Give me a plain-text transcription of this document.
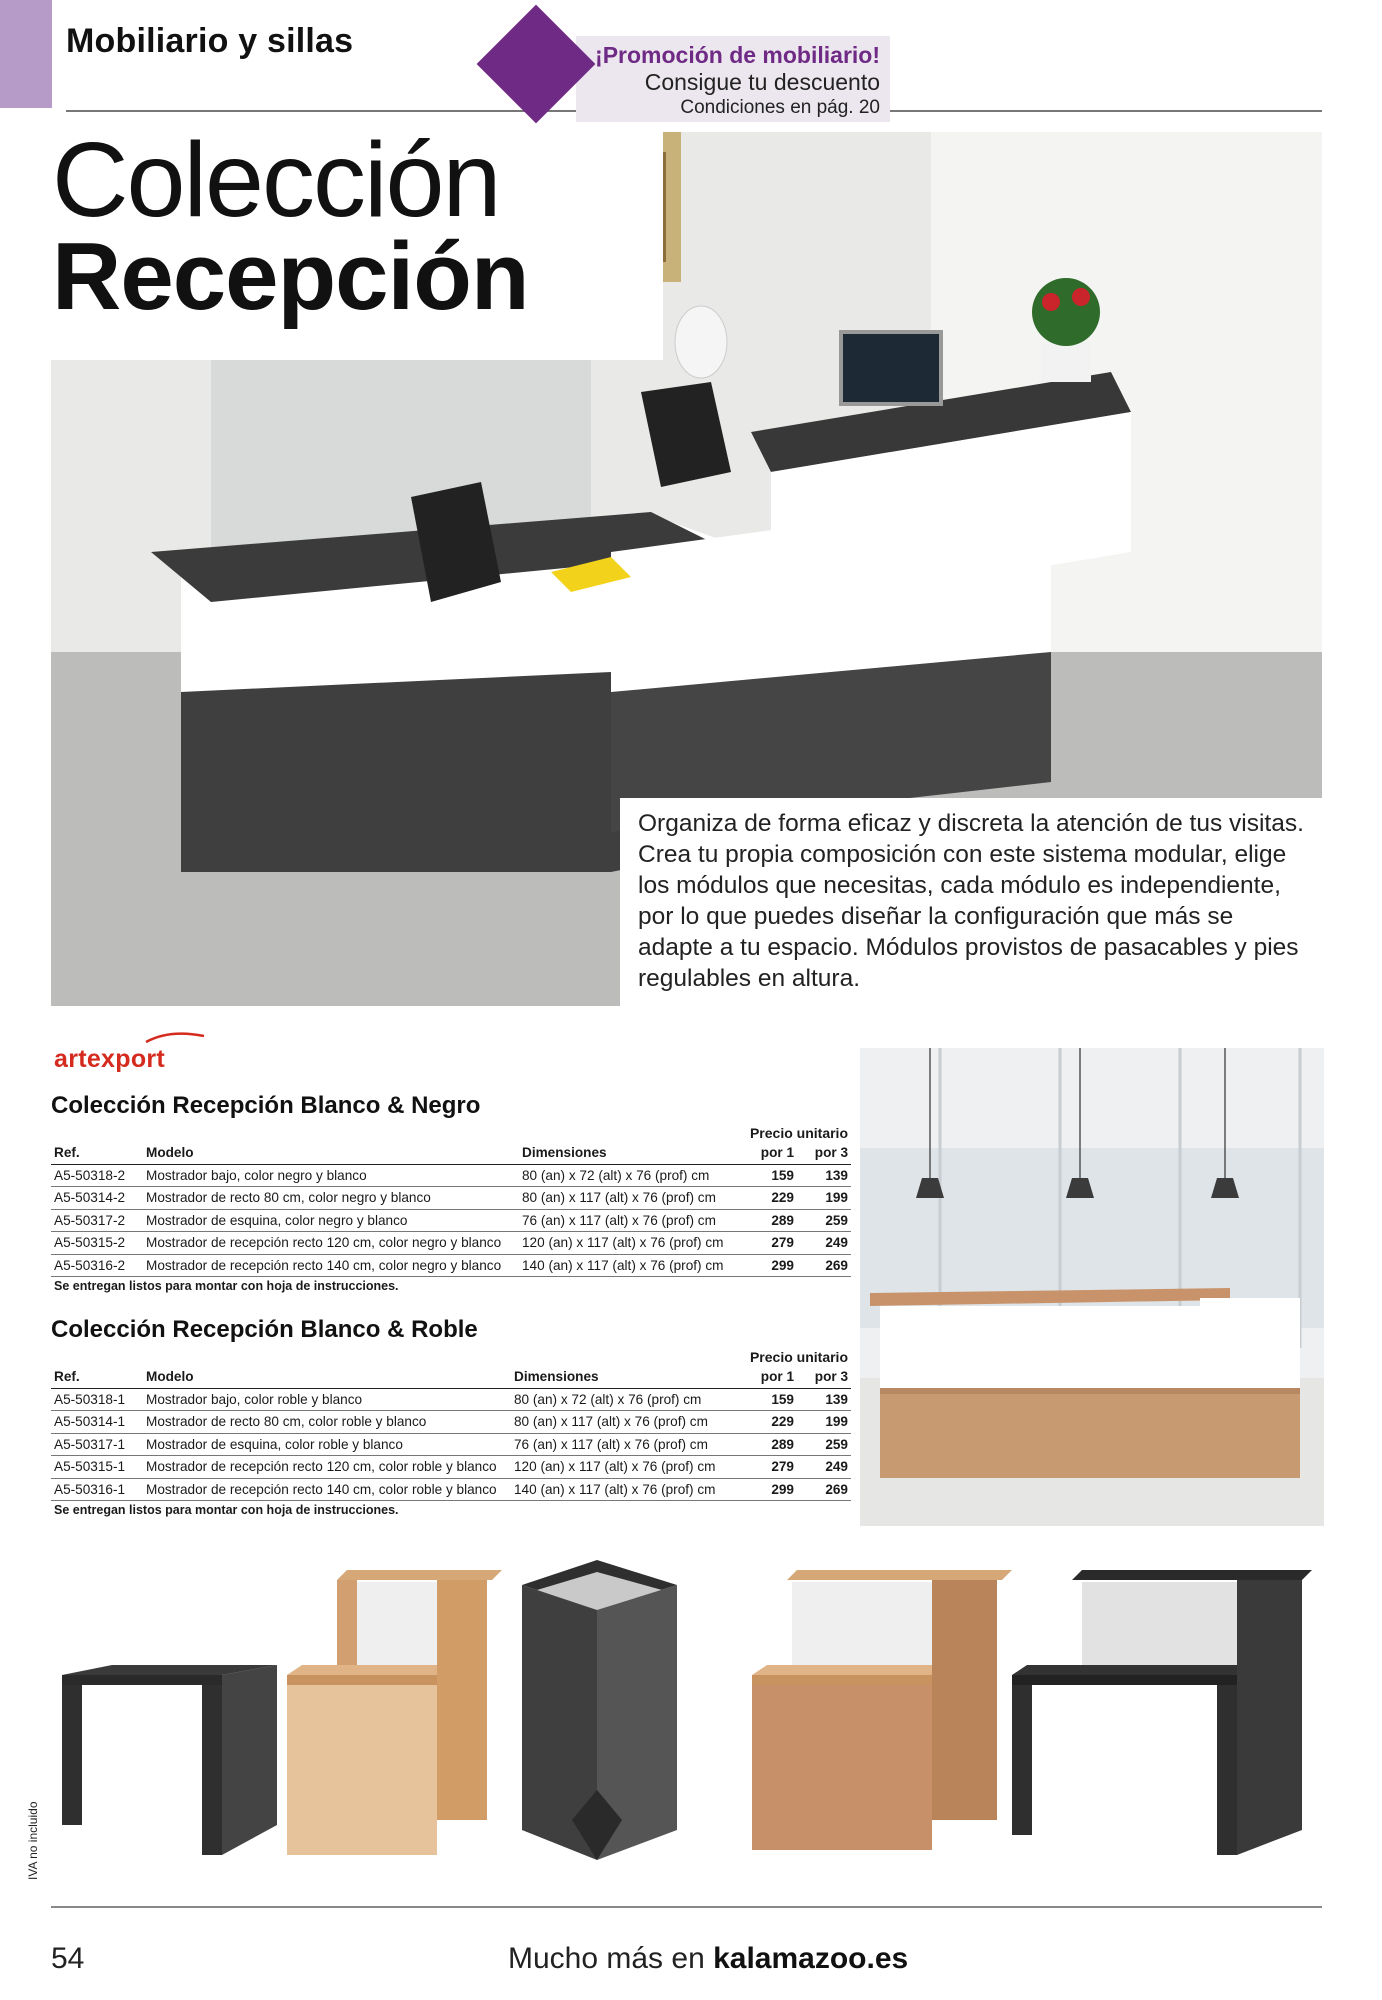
Mobiliario y sillas	¡Promoción de mobiliario!
Consigue tu descuento
Condiciones en pág. 20
Colección
Recepción
Organiza de forma eficaz y discreta la atención de tus visitas. Crea tu propia composición con este sistema modular, elige los módulos que necesitas, cada módulo es independiente, por lo que puedes diseñar la configuración que más se adapte a tu espacio. Módulos provistos de pasacables y pies regulables en altura.
artexport
Colección Recepción Blanco & Negro
Precio unitario
Ref.	Modelo	Dimensiones	por 1	por 3
A5-50318-2	Mostrador bajo, color negro y blanco	80 (an) x 72 (alt) x 76 (prof) cm	159	139
A5-50314-2	Mostrador de recto 80 cm, color negro y blanco	80 (an) x 117 (alt) x 76 (prof) cm	229	199
A5-50317-2	Mostrador de esquina, color negro y blanco	76 (an) x 117 (alt) x 76 (prof) cm	289	259
A5-50315-2	Mostrador de recepción recto 120 cm, color negro y blanco	120 (an) x 117 (alt) x 76 (prof) cm	279	249
A5-50316-2	Mostrador de recepción recto 140 cm, color negro y blanco	140 (an) x 117 (alt) x 76 (prof) cm	299	269
Se entregan listos para montar con hoja de instrucciones.
Colección Recepción Blanco & Roble
Precio unitario
Ref.	Modelo	Dimensiones	por 1	por 3
A5-50318-1	Mostrador bajo, color roble y blanco	80 (an) x 72 (alt) x 76 (prof) cm	159	139
A5-50314-1	Mostrador de recto 80 cm, color roble y blanco	80 (an) x 117 (alt) x 76 (prof) cm	229	199
A5-50317-1	Mostrador de esquina, color roble y blanco	76 (an) x 117 (alt) x 76 (prof) cm	289	259
A5-50315-1	Mostrador de recepción recto 120 cm, color roble y blanco	120 (an) x 117 (alt) x 76 (prof) cm	279	249
A5-50316-1	Mostrador de recepción recto 140 cm, color roble y blanco	140 (an) x 117 (alt) x 76 (prof) cm	299	269
Se entregan listos para montar con hoja de instrucciones.
IVA no incluido
54	Mucho más en kalamazoo.es
